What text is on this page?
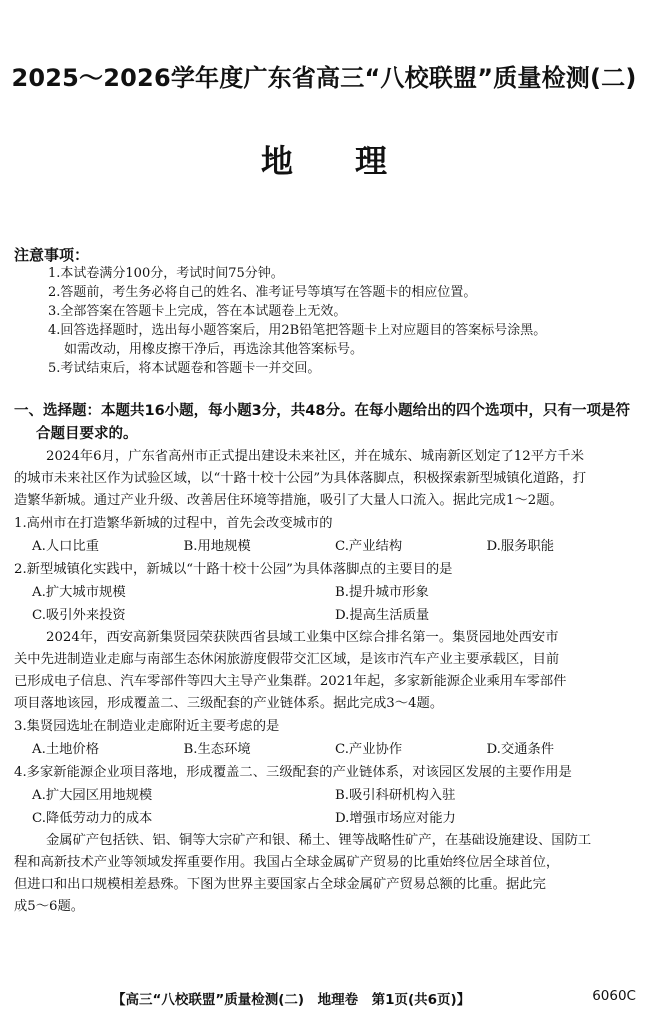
2025～2026学年度广东省高三“八校联盟”质量检测(二)
地理
注意事项：
1.本试卷满分100分，考试时间75分钟。
2.答题前，考生务必将自己的姓名、准考证号等填写在答题卡的相应位置。
3.全部答案在答题卡上完成，答在本试题卷上无效。
4.回答选择题时，选出每小题答案后，用2B铅笔把答题卡上对应题目的答案标号涂黑。
如需改动，用橡皮擦干净后，再选涂其他答案标号。
5.考试结束后，将本试题卷和答题卡一并交回。
一、选择题：本题共16小题，每小题3分，共48分。在每小题给出的四个选项中，只有一项是符
合题目要求的。
2024年6月，广东省高州市正式提出建设未来社区，并在城东、城南新区划定了12平方千米
的城市未来社区作为试验区域，以“十路十校十公园”为具体落脚点，积极探索新型城镇化道路，打
造繁华新城。通过产业升级、改善居住环境等措施，吸引了大量人口流入。据此完成1～2题。
1.高州市在打造繁华新城的过程中，首先会改变城市的
A.人口比重	B.用地规模	C.产业结构	D.服务职能
2.新型城镇化实践中，新城以“十路十校十公园”为具体落脚点的主要目的是
A.扩大城市规模	B.提升城市形象
C.吸引外来投资	D.提高生活质量
2024年，西安高新集贤园荣获陕西省县域工业集中区综合排名第一。集贤园地处西安市
关中先进制造业走廊与南部生态休闲旅游度假带交汇区域，是该市汽车产业主要承载区，目前
已形成电子信息、汽车零部件等四大主导产业集群。2021年起，多家新能源企业乘用车零部件
项目落地该园，形成覆盖二、三级配套的产业链体系。据此完成3～4题。
3.集贤园选址在制造业走廊附近主要考虑的是
A.土地价格	B.生态环境	C.产业协作	D.交通条件
4.多家新能源企业项目落地，形成覆盖二、三级配套的产业链体系，对该园区发展的主要作用是
A.扩大园区用地规模	B.吸引科研机构入驻
C.降低劳动力的成本	D.增强市场应对能力
金属矿产包括铁、铝、铜等大宗矿产和银、稀土、锂等战略性矿产，在基础设施建设、国防工
程和高新技术产业等领域发挥重要作用。我国占全球金属矿产贸易的比重始终位居全球首位，
但进口和出口规模相差悬殊。下图为世界主要国家占全球金属矿产贸易总额的比重。据此完
成5～6题。
【高三“八校联盟”质量检测(二)　地理卷　第1页(共6页)】	6060C
